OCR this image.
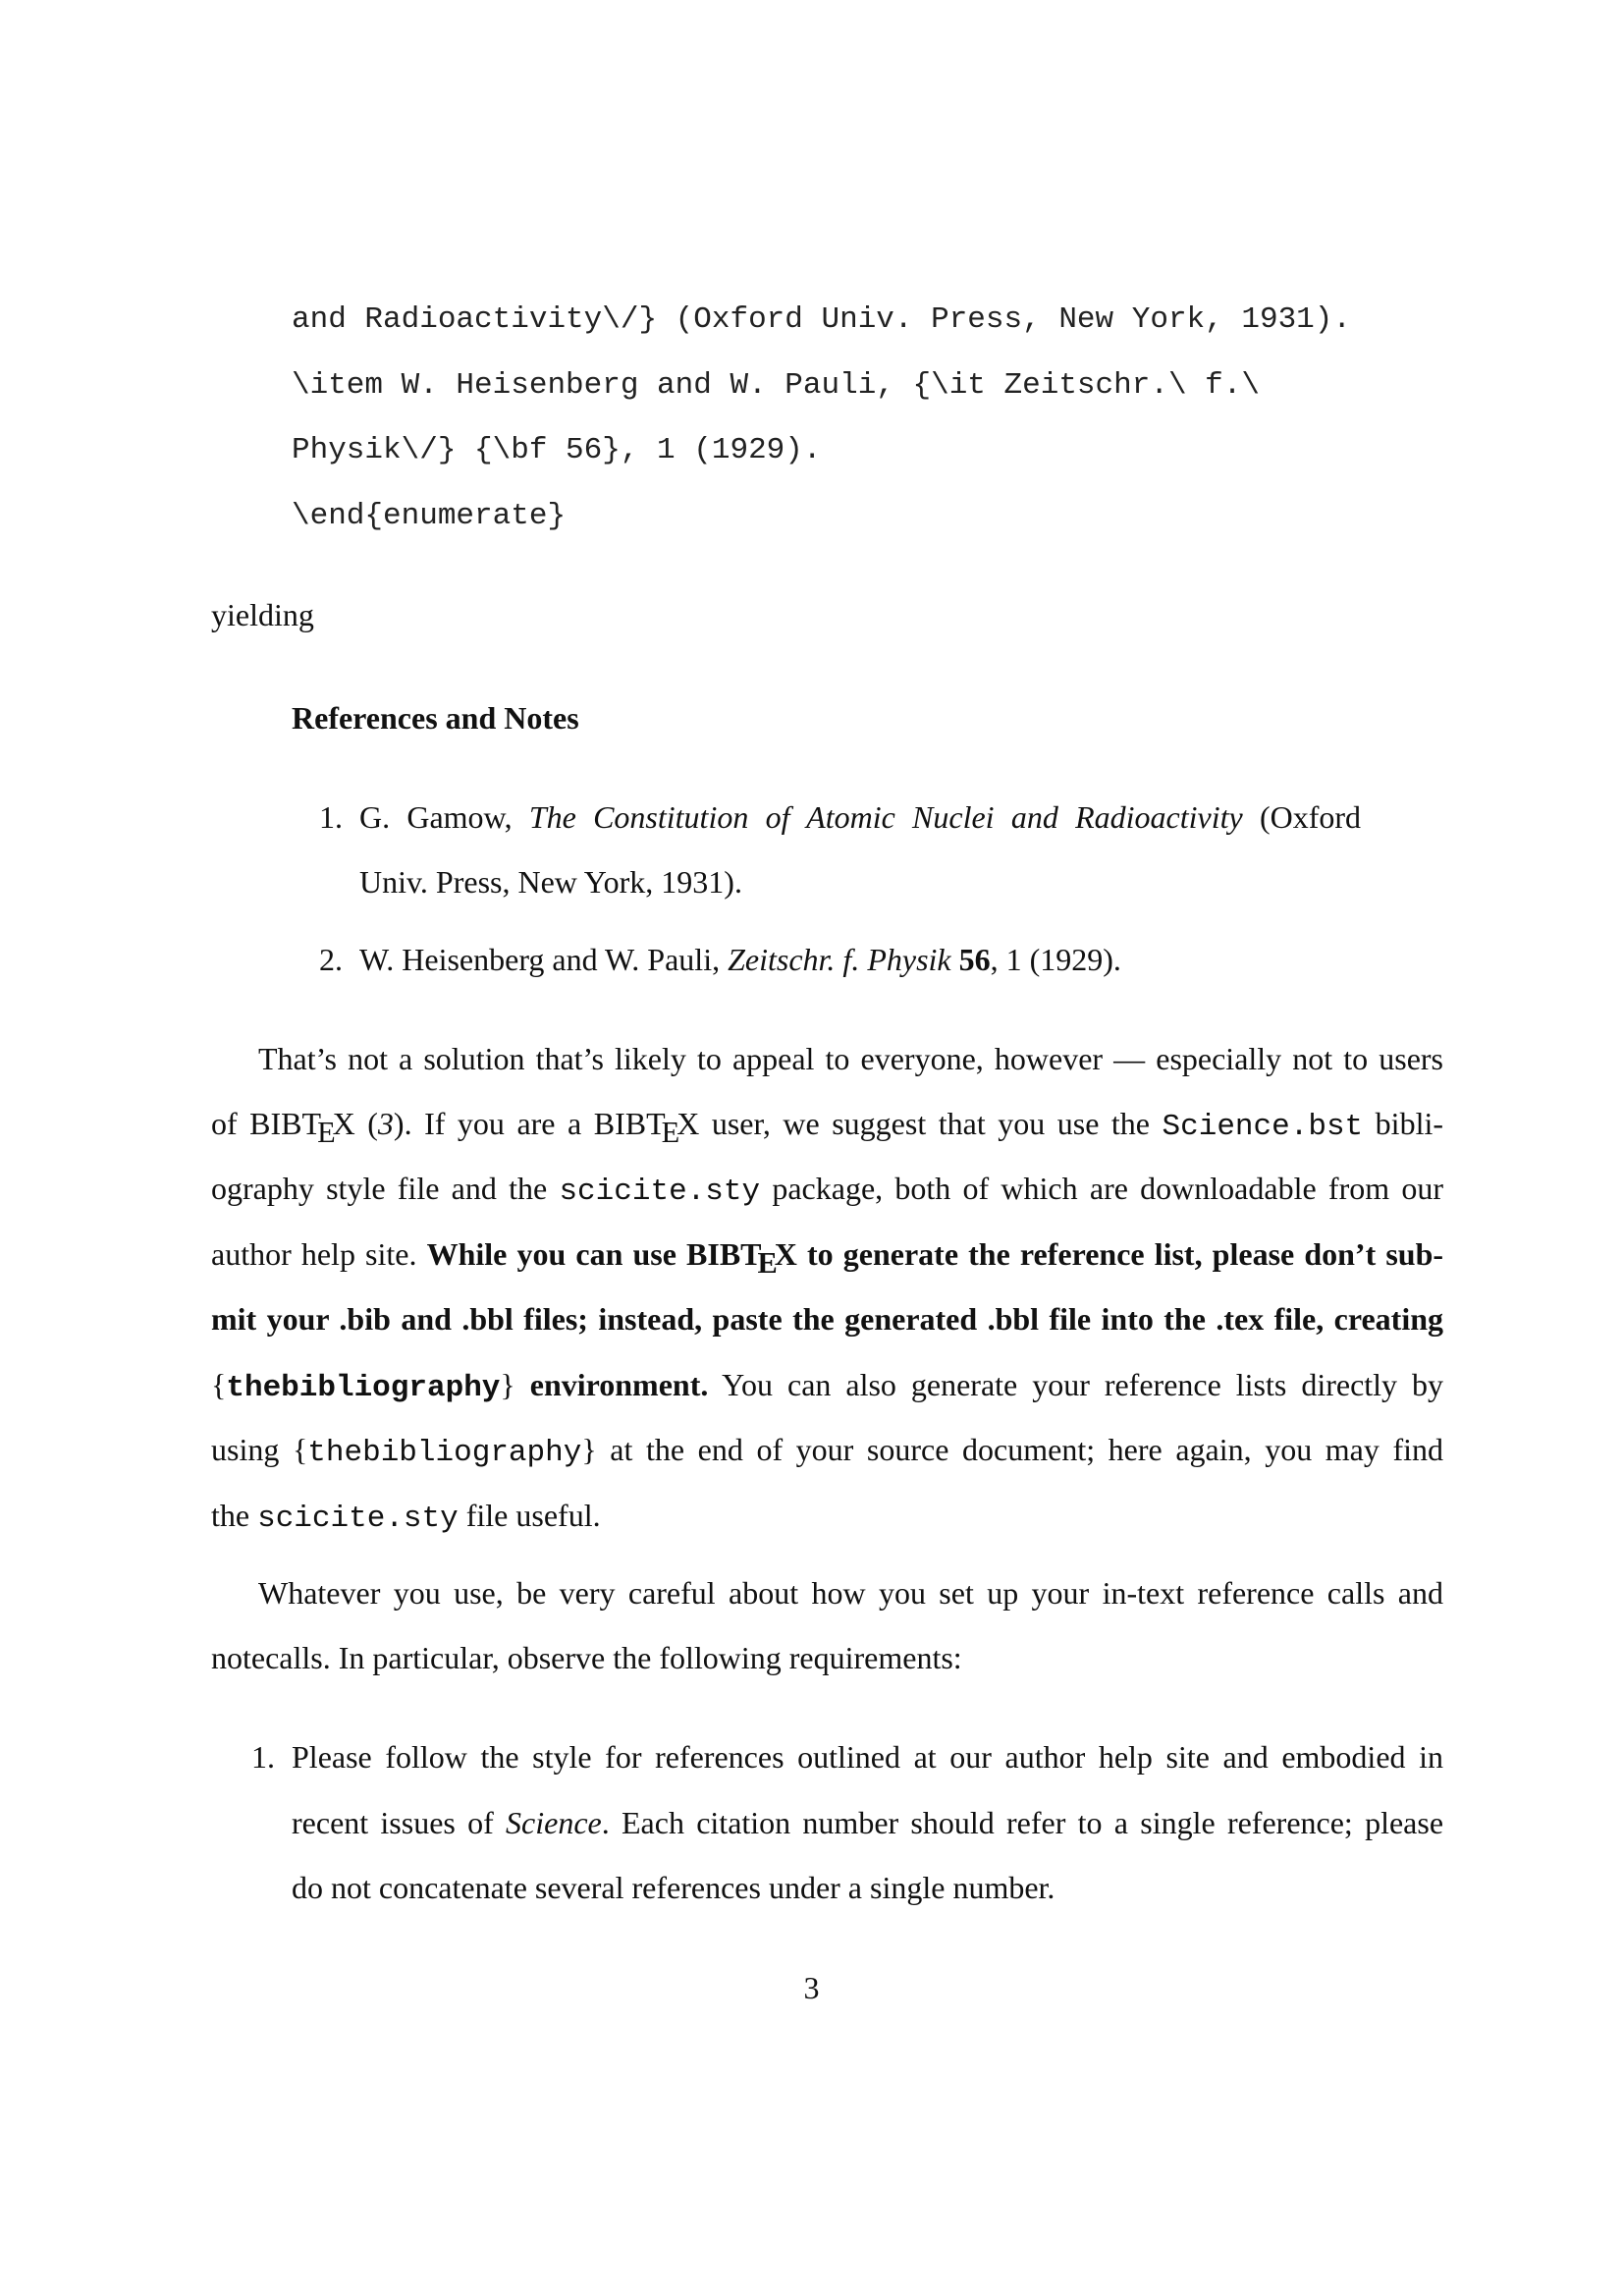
and Radioactivity\/} (Oxford Univ. Press, New York, 1931).
\item W. Heisenberg and W. Pauli, {\it Zeitschr.\ f.\
Physik\/} {\bf 56}, 1 (1929).
\end{enumerate}
yielding
References and Notes
1. G. Gamow, The Constitution of Atomic Nuclei and Radioactivity (Oxford
Univ. Press, New York, 1931).
2. W. Heisenberg and W. Pauli, Zeitschr. f. Physik 56, 1 (1929).
That’s not a solution that’s likely to appeal to everyone, however — especially not to users
of BIBTEX (3). If you are a BIBTEX user, we suggest that you use the Science.bst bibli-
ography style file and the scicite.sty package, both of which are downloadable from our
author help site. While you can use BIBTEX to generate the reference list, please don’t sub-
mit your .bib and .bbl files; instead, paste the generated .bbl file into the .tex file, creating
{thebibliography} environment. You can also generate your reference lists directly by
using {thebibliography} at the end of your source document; here again, you may find
the scicite.sty file useful.
Whatever you use, be very careful about how you set up your in-text reference calls and
notecalls. In particular, observe the following requirements:
1. Please follow the style for references outlined at our author help site and embodied in
recent issues of Science. Each citation number should refer to a single reference; please
do not concatenate several references under a single number.
3
